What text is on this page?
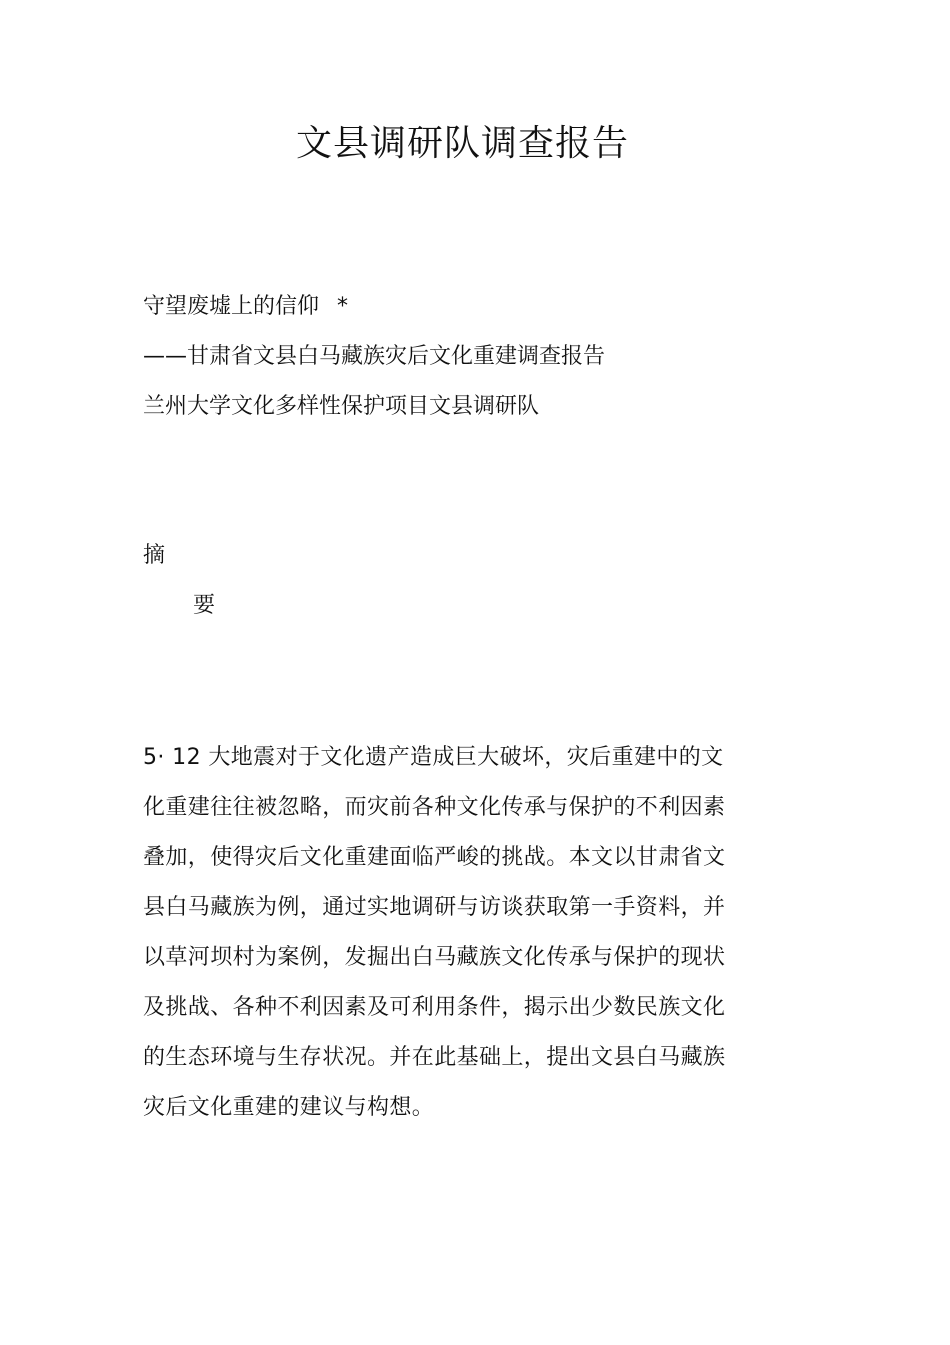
文县调研队调查报告
守望废墟上的信仰 *
——甘肃省文县白马藏族灾后文化重建调查报告
兰州大学文化多样性保护项目文县调研队
摘
要
5· 12 大地震对于文化遗产造成巨大破坏，灾后重建中的文
化重建往往被忽略，而灾前各种文化传承与保护的不利因素
叠加，使得灾后文化重建面临严峻的挑战。本文以甘肃省文
县白马藏族为例，通过实地调研与访谈获取第一手资料，并
以草河坝村为案例，发掘出白马藏族文化传承与保护的现状
及挑战、各种不利因素及可利用条件，揭示出少数民族文化
的生态环境与生存状况。并在此基础上，提出文县白马藏族
灾后文化重建的建议与构想。
